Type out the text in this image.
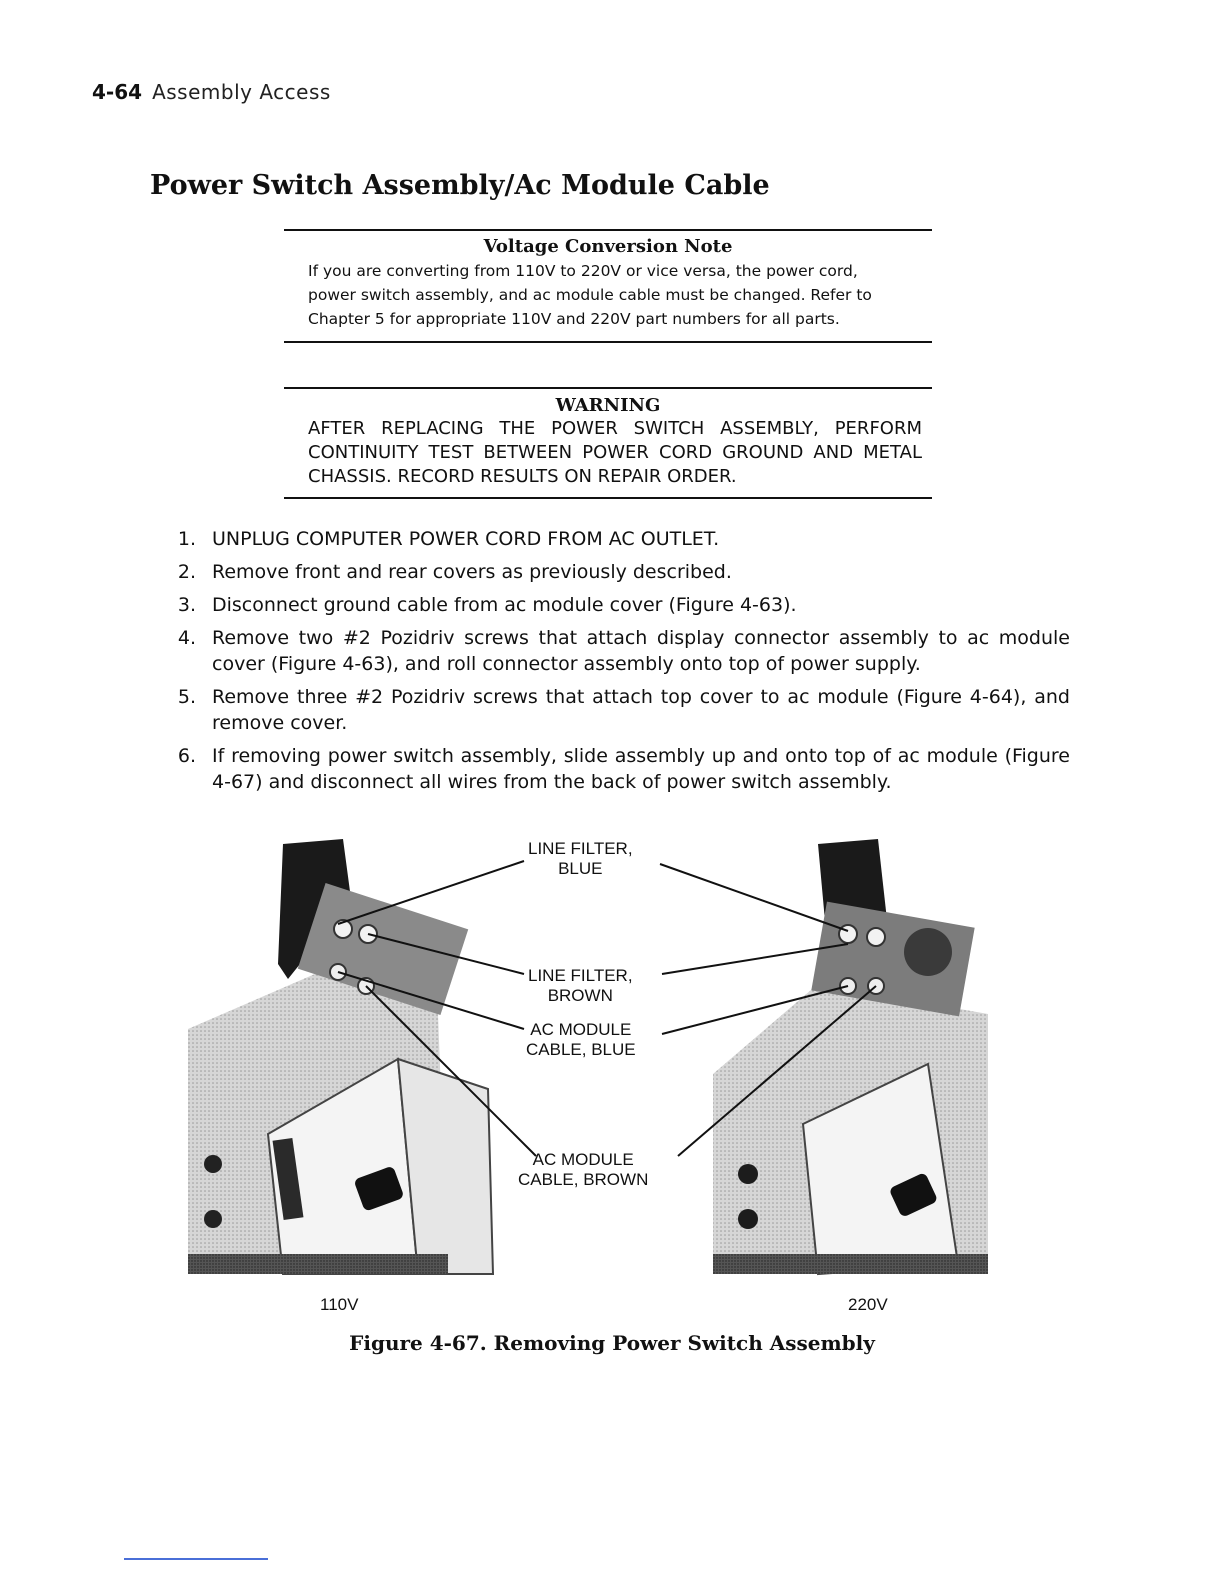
4-64 Assembly Access
Power Switch Assembly/Ac Module Cable
Voltage Conversion Note
If you are converting from 110V to 220V or vice versa, the power cord,
power switch assembly, and ac module cable must be changed. Refer to
Chapter 5 for appropriate 110V and 220V part numbers for all parts.
WARNING
AFTER REPLACING THE POWER SWITCH ASSEMBLY, PERFORM CONTINUITY TEST BETWEEN POWER CORD GROUND AND METAL CHASSIS. RECORD RESULTS ON REPAIR ORDER.
1. UNPLUG COMPUTER POWER CORD FROM AC OUTLET.
2. Remove front and rear covers as previously described.
3. Disconnect ground cable from ac module cover (Figure 4-63).
4. Remove two #2 Pozidriv screws that attach display connector assembly to ac module cover (Figure 4-63), and roll connector assembly onto top of power supply.
5. Remove three #2 Pozidriv screws that attach top cover to ac module (Figure 4-64), and remove cover.
6. If removing power switch assembly, slide assembly up and onto top of ac module (Figure 4-67) and disconnect all wires from the back of power switch assembly.
LINE FILTER,
BLUE
LINE FILTER,
BROWN
AC MODULE
CABLE, BLUE
AC MODULE
CABLE, BROWN
110V	220V
Figure 4-67. Removing Power Switch Assembly
